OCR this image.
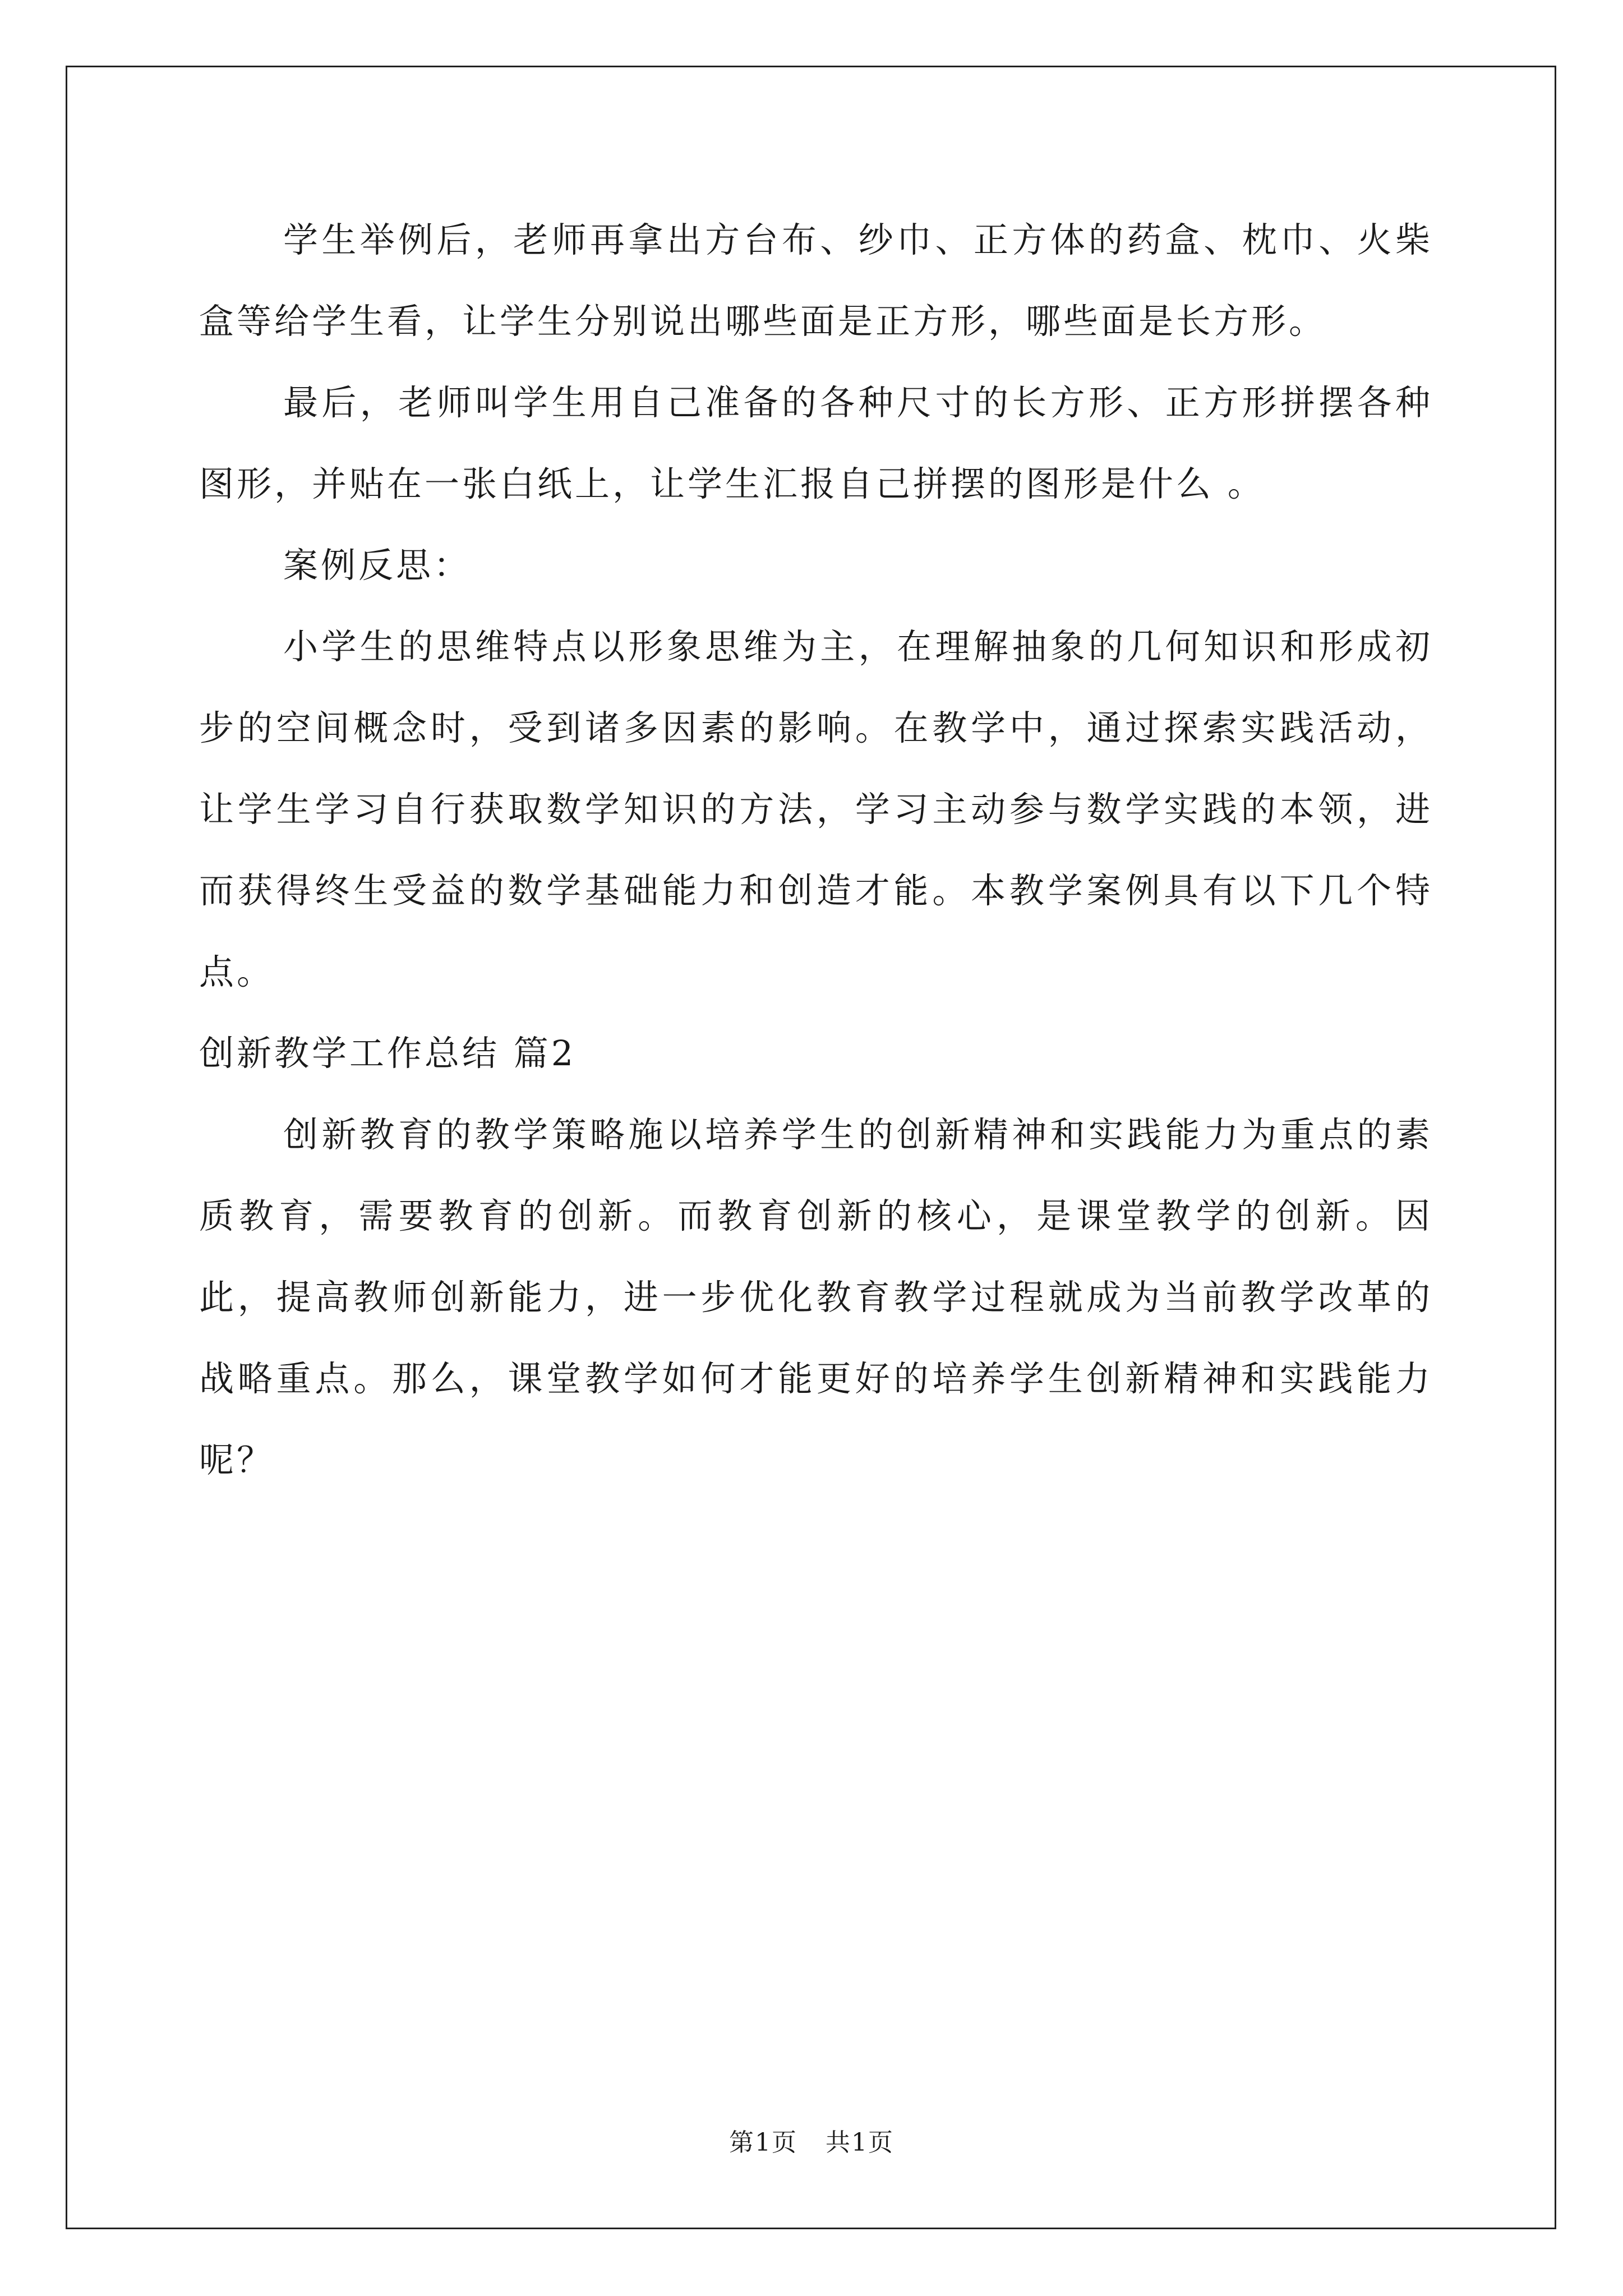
学生举例后，老师再拿出方台布、纱巾、正方体的药盒、枕巾、火柴盒等给学生看，让学生分别说出哪些面是正方形，哪些面是长方形。

最后，老师叫学生用自己准备的各种尺寸的长方形、正方形拼摆各种图形，并贴在一张白纸上，让学生汇报自己拼摆的图形是什么 。

案例反思：

小学生的思维特点以形象思维为主，在理解抽象的几何知识和形成初步的空间概念时，受到诸多因素的影响。在教学中，通过探索实践活动，让学生学习自行获取数学知识的方法，学习主动参与数学实践的本领，进而获得终生受益的数学基础能力和创造才能。本教学案例具有以下几个特点。

创新教学工作总结 篇2

创新教育的教学策略施以培养学生的创新精神和实践能力为重点的素质教育，需要教育的创新。而教育创新的核心，是课堂教学的创新。因此，提高教师创新能力，进一步优化教育教学过程就成为当前教学改革的战略重点。那么，课堂教学如何才能更好的培养学生创新精神和实践能力呢？

第1页 共1页
